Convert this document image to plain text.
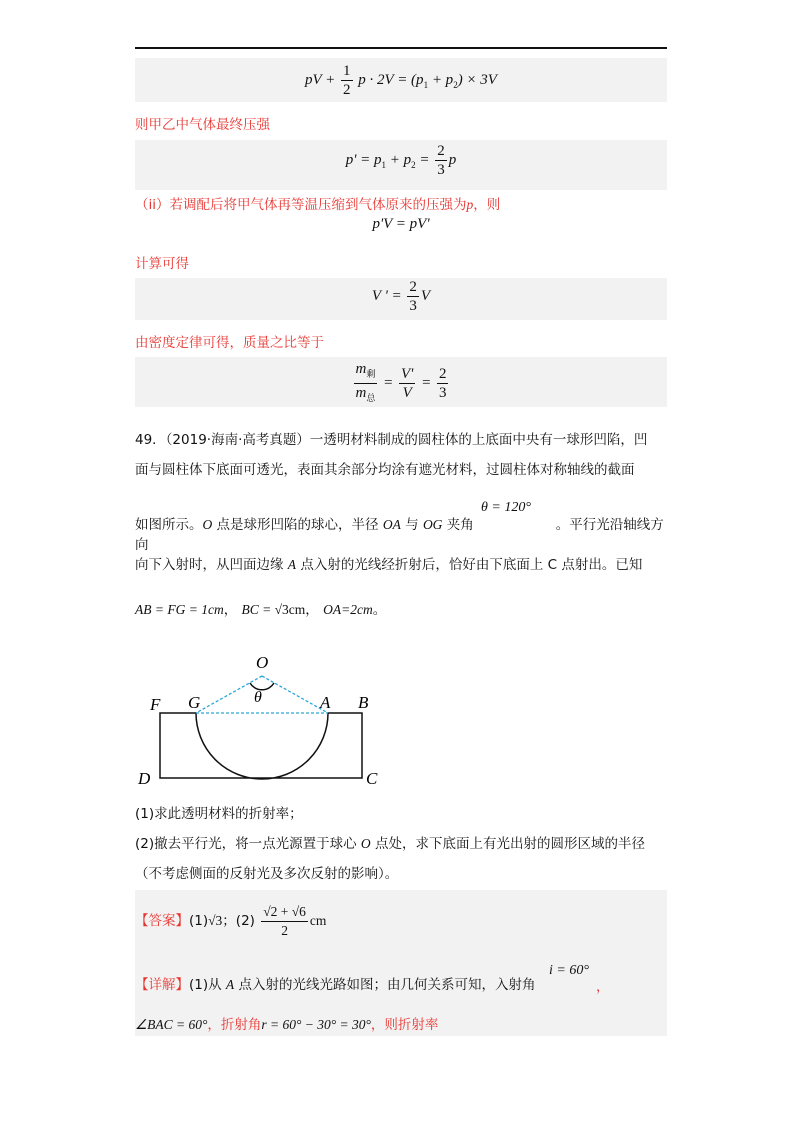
pV + $\frac{1}{2}$ $p \cdot 2V = (p_1 + p_2) \times 3V$
则甲乙中气体最终压强
$p' = p_1 + p_2 = \frac{2}{3}$ p
（ii）若调配后将甲气体再等温压缩到气体原来的压强为p，则
p'V = pV'
计算可得
V ' = $\frac{2}{3}$ V
由密度定律可得，质量之比等于
$\frac{m_剩}{m_总} = \frac{V'}{V} = \frac{2}{3}$
49．（2019·海南·高考真题）一透明材料制成的圆柱体的上底面中央有一球形凹陷，凹
面与圆柱体下底面可透光，表面其余部分均涂有遮光材料，过圆柱体对称轴线的截面
θ = 120°
如图所示。O 点是球形凹陷的球心，半径 OA 与 OG 夹角	。平行光沿轴线方向
向下入射时，从凹面边缘 A 点入射的光线经折射后，恰好由下底面上 C 点射出。已知
AB = FG = 1cm， BC = √3cm， OA=2cm。
O
θ
F G	A B
D	C
(1)求此透明材料的折射率；
(2)撤去平行光，将一点光源置于球心 O 点处，求下底面上有光出射的圆形区域的半径
（不考虑侧面的反射光及多次反射的影响）。
【答案】(1)√3；$(2) \frac{√2 + √6}{2}$ cm
【详解】(1)从 A 点入射的光线光路如图；由几何关系可知，入射角
i = 60°
，
∠BAC = 60°，折射角r = 60° − 30° = 30°，则折射率
